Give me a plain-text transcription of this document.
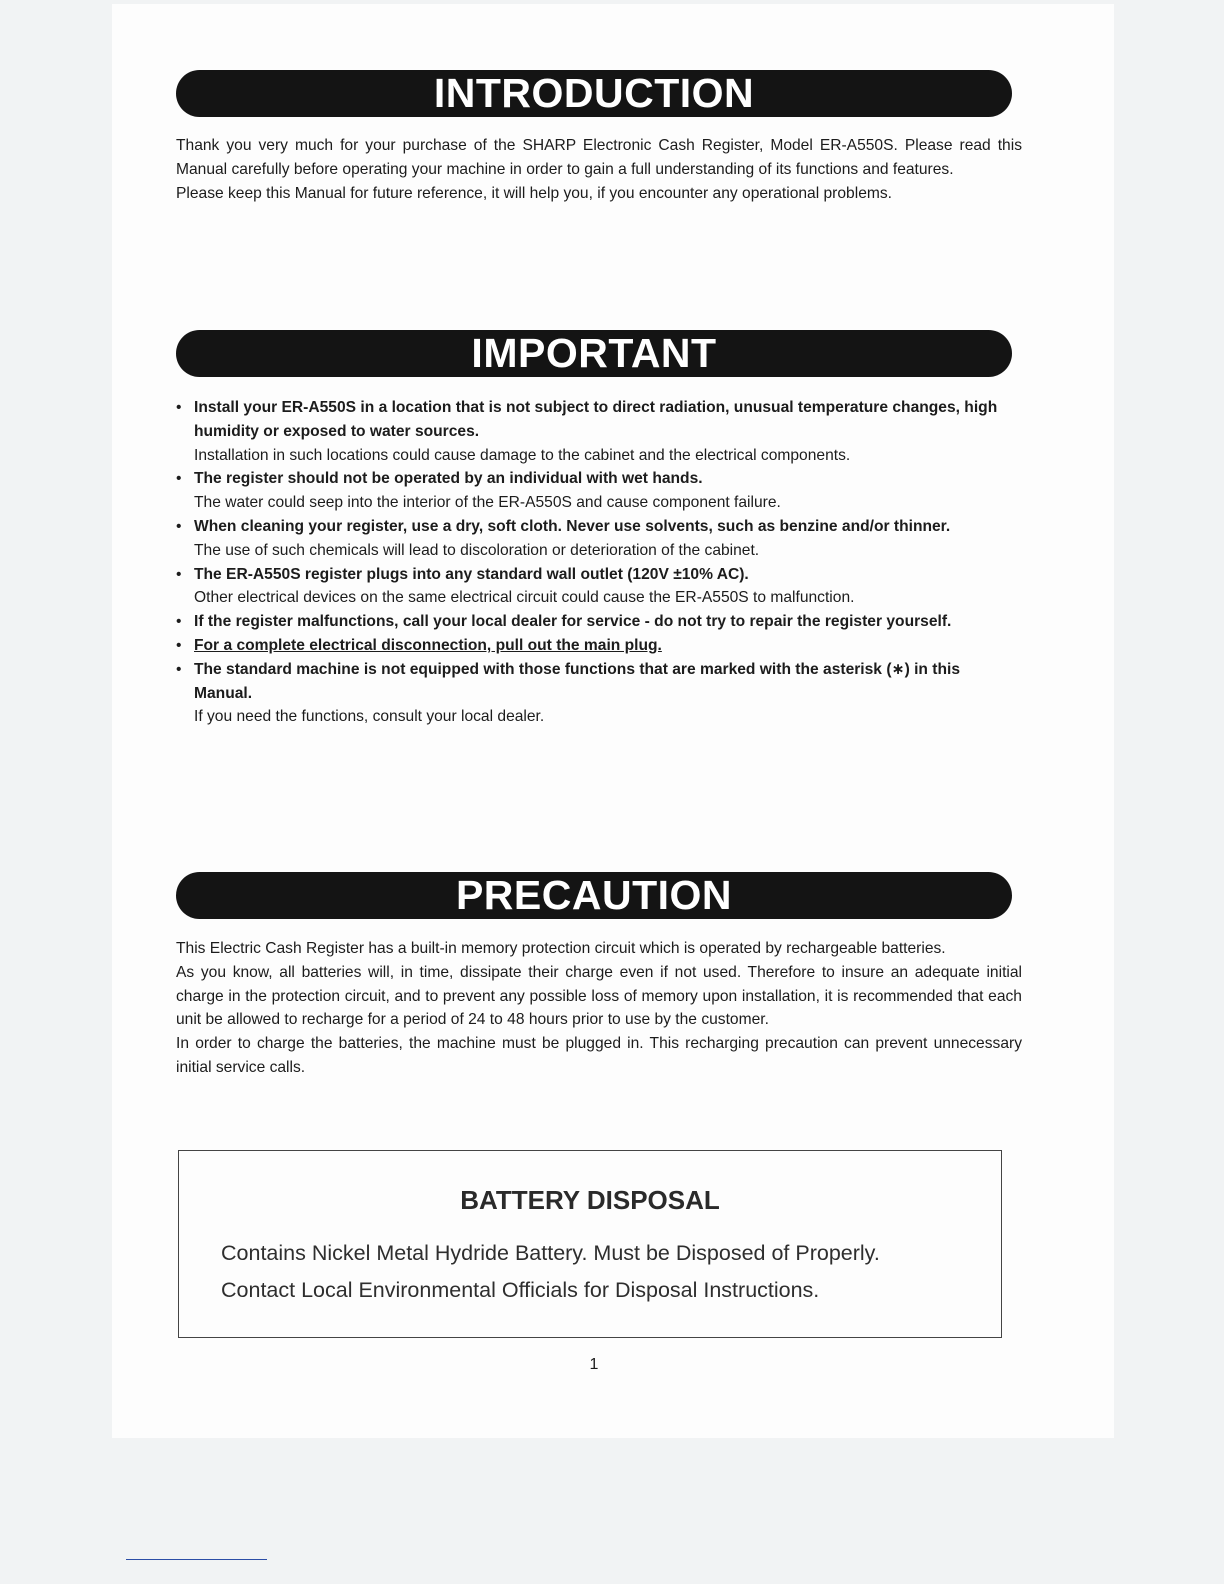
INTRODUCTION

Thank you very much for your purchase of the SHARP Electronic Cash Register, Model ER-A550S. Please read this Manual carefully before operating your machine in order to gain a full understanding of its functions and features.

Please keep this Manual for future reference, it will help you, if you encounter any operational problems.

IMPORTANT
• Install your ER-A550S in a location that is not subject to direct radiation, unusual temperature changes, high humidity or exposed to water sources.
Installation in such locations could cause damage to the cabinet and the electrical components.
• The register should not be operated by an individual with wet hands.
The water could seep into the interior of the ER-A550S and cause component failure.
• When cleaning your register, use a dry, soft cloth. Never use solvents, such as benzine and/or thinner.
The use of such chemicals will lead to discoloration or deterioration of the cabinet.
• The ER-A550S register plugs into any standard wall outlet (120V ±10% AC).
Other electrical devices on the same electrical circuit could cause the ER-A550S to malfunction.
• If the register malfunctions, call your local dealer for service - do not try to repair the register yourself.
• For a complete electrical disconnection, pull out the main plug.
• The standard machine is not equipped with those functions that are marked with the asterisk (∗) in this Manual.
If you need the functions, consult your local dealer.
PRECAUTION

This Electric Cash Register has a built-in memory protection circuit which is operated by rechargeable batteries.

As you know, all batteries will, in time, dissipate their charge even if not used. Therefore to insure an adequate initial charge in the protection circuit, and to prevent any possible loss of memory upon installation, it is recommended that each unit be allowed to recharge for a period of 24 to 48 hours prior to use by the customer.

In order to charge the batteries, the machine must be plugged in. This recharging precaution can prevent unnecessary initial service calls.

BATTERY DISPOSAL
Contains Nickel Metal Hydride Battery. Must be Disposed of Properly.
Contact Local Environmental Officials for Disposal Instructions.
1
